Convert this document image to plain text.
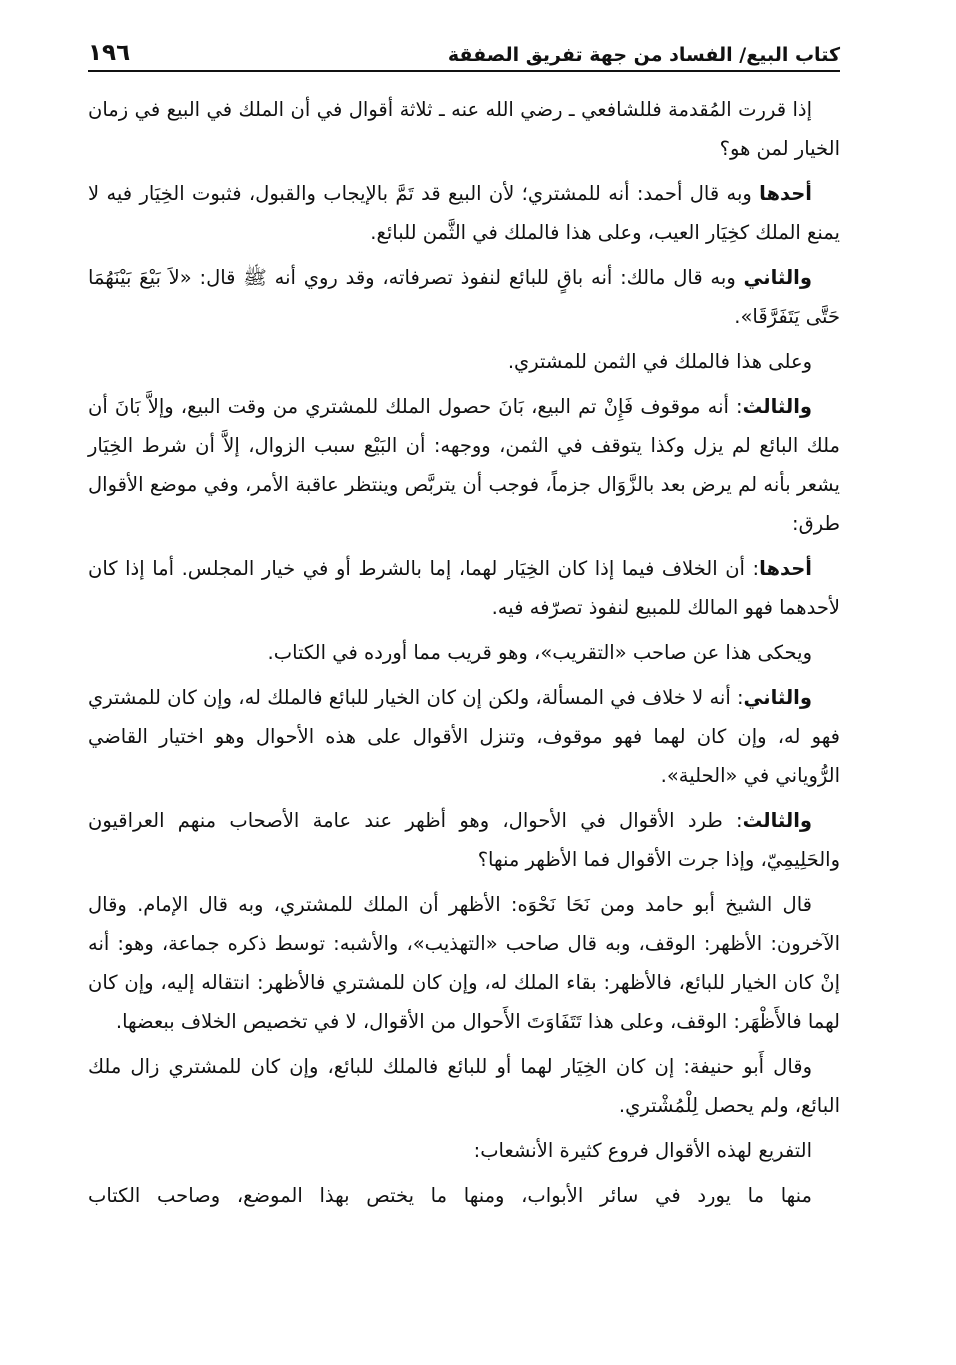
كتاب البيع/ الفساد من جهة تفريق الصفقة
١٩٦

إذا قررت المُقدمة فللشافعي ـ رضي الله عنه ـ ثلاثة أقوال في أن الملك في البيع في زمان الخيار لمن هو؟

أحدها وبه قال أحمد: أنه للمشتري؛ لأن البيع قد تَمَّ بالإيجاب والقبول، فثبوت الخِيَار فيه لا يمنع الملك كخِيَار العيب، وعلى هذا فالملك في الثَّمن للبائع.

والثاني وبه قال مالك: أنه باقٍ للبائع لنفوذ تصرفاته، وقد روي أنه ﷺ قال: «لاَ بَيْعَ بَيْنَهُمَا حَتَّى يَتَفَرَّقَا».

وعلى هذا فالملك في الثمن للمشتري.

والثالث: أنه موقوف فَإِنْ تم البيع، بَانَ حصول الملك للمشتري من وقت البيع، وإلاَّ بَانَ أن ملك البائع لم يزل وكذا يتوقف في الثمن، ووجهه: أن البَيْع سبب الزوال، إلاَّ أن شرط الخِيَار يشعر بأنه لم يرض بعد بالزَّوَال جزماً، فوجب أن يتربَّص وينتظر عاقبة الأمر، وفي موضع الأقوال طرق:

أحدها: أن الخلاف فيما إذا كان الخِيَار لهما، إما بالشرط أو في خيار المجلس. أما إذا كان لأحدهما فهو المالك للمبيع لنفوذ تصرّفه فيه.

ويحكى هذا عن صاحب «التقريب»، وهو قريب مما أورده في الكتاب.

والثاني: أنه لا خلاف في المسألة، ولكن إن كان الخيار للبائع فالملك له، وإن كان للمشتري فهو له، وإن كان لهما فهو موقوف، وتنزل الأقوال على هذه الأحوال وهو اختيار القاضي الرُّوياني في «الحلية».

والثالث: طرد الأقوال في الأحوال، وهو أظهر عند عامة الأصحاب منهم العراقيون والحَلِيمِيّ، وإذا جرت الأقوال فما الأظهر منها؟

قال الشيخ أبو حامد ومن نَحَا نَحْوَه: الأظهر أن الملك للمشتري، وبه قال الإمام. وقال الآخرون: الأظهر: الوقف، وبه قال صاحب «التهذيب»، والأشبه: توسط ذكره جماعة، وهو: أنه إنْ كان الخيار للبائع، فالأظهر: بقاء الملك له، وإن كان للمشتري فالأظهر: انتقاله إليه، وإن كان لهما فالأَظْهَر: الوقف، وعلى هذا تَتَفَاوَتَ الأَحوال من الأقوال، لا في تخصيص الخلاف ببعضها.

وقال أَبو حنيفة: إن كان الخِيَار لهما أو للبائع فالملك للبائع، وإن كان للمشتري زال ملك البائع، ولم يحصل لِلْمُشْتري.

التفريع لهذه الأقوال فروع كثيرة الأنشعاب:

منها ما يورد في سائر الأبواب، ومنها ما يختص بهذا الموضع، وصاحب الكتاب
